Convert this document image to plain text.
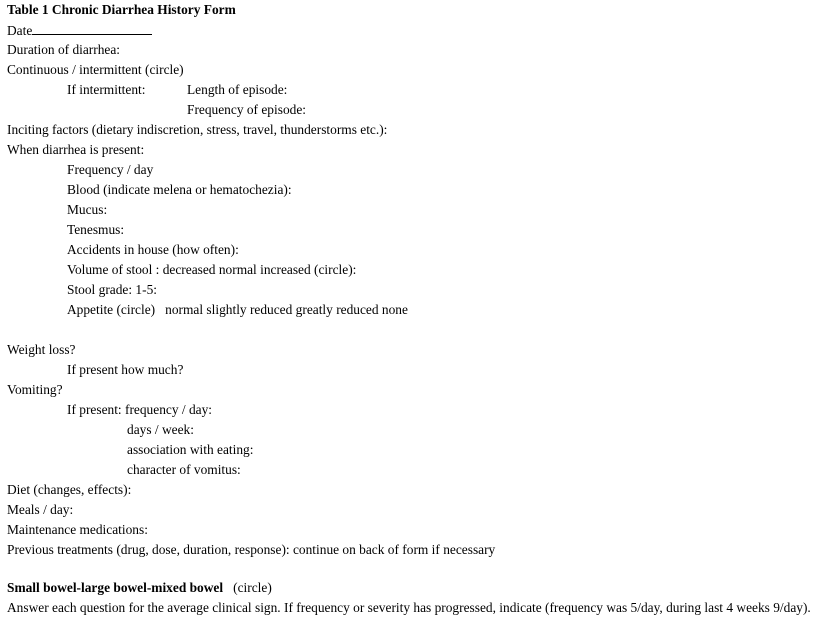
Table 1 Chronic Diarrhea History Form
Date
Duration of diarrhea:
Continuous / intermittent (circle)
If intermittent:	Length of episode:
Frequency of episode:
Inciting factors (dietary indiscretion, stress, travel, thunderstorms etc.):
When diarrhea is present:
Frequency / day
Blood (indicate melena or hematochezia):
Mucus:
Tenesmus:
Accidents in house (how often):
Volume of stool : decreased normal increased (circle):
Stool grade: 1-5:
Appetite (circle)   normal slightly reduced greatly reduced none
Weight loss?
If present how much?
Vomiting?
If present: frequency / day:
days / week:
association with eating:
character of vomitus:
Diet (changes, effects):
Meals / day:
Maintenance medications:
Previous treatments (drug, dose, duration, response): continue on back of form if necessary
Small bowel-large bowel-mixed bowel (circle)
Answer each question for the average clinical sign. If frequency or severity has progressed, indicate (frequency was 5/day, during last 4 weeks 9/day).
